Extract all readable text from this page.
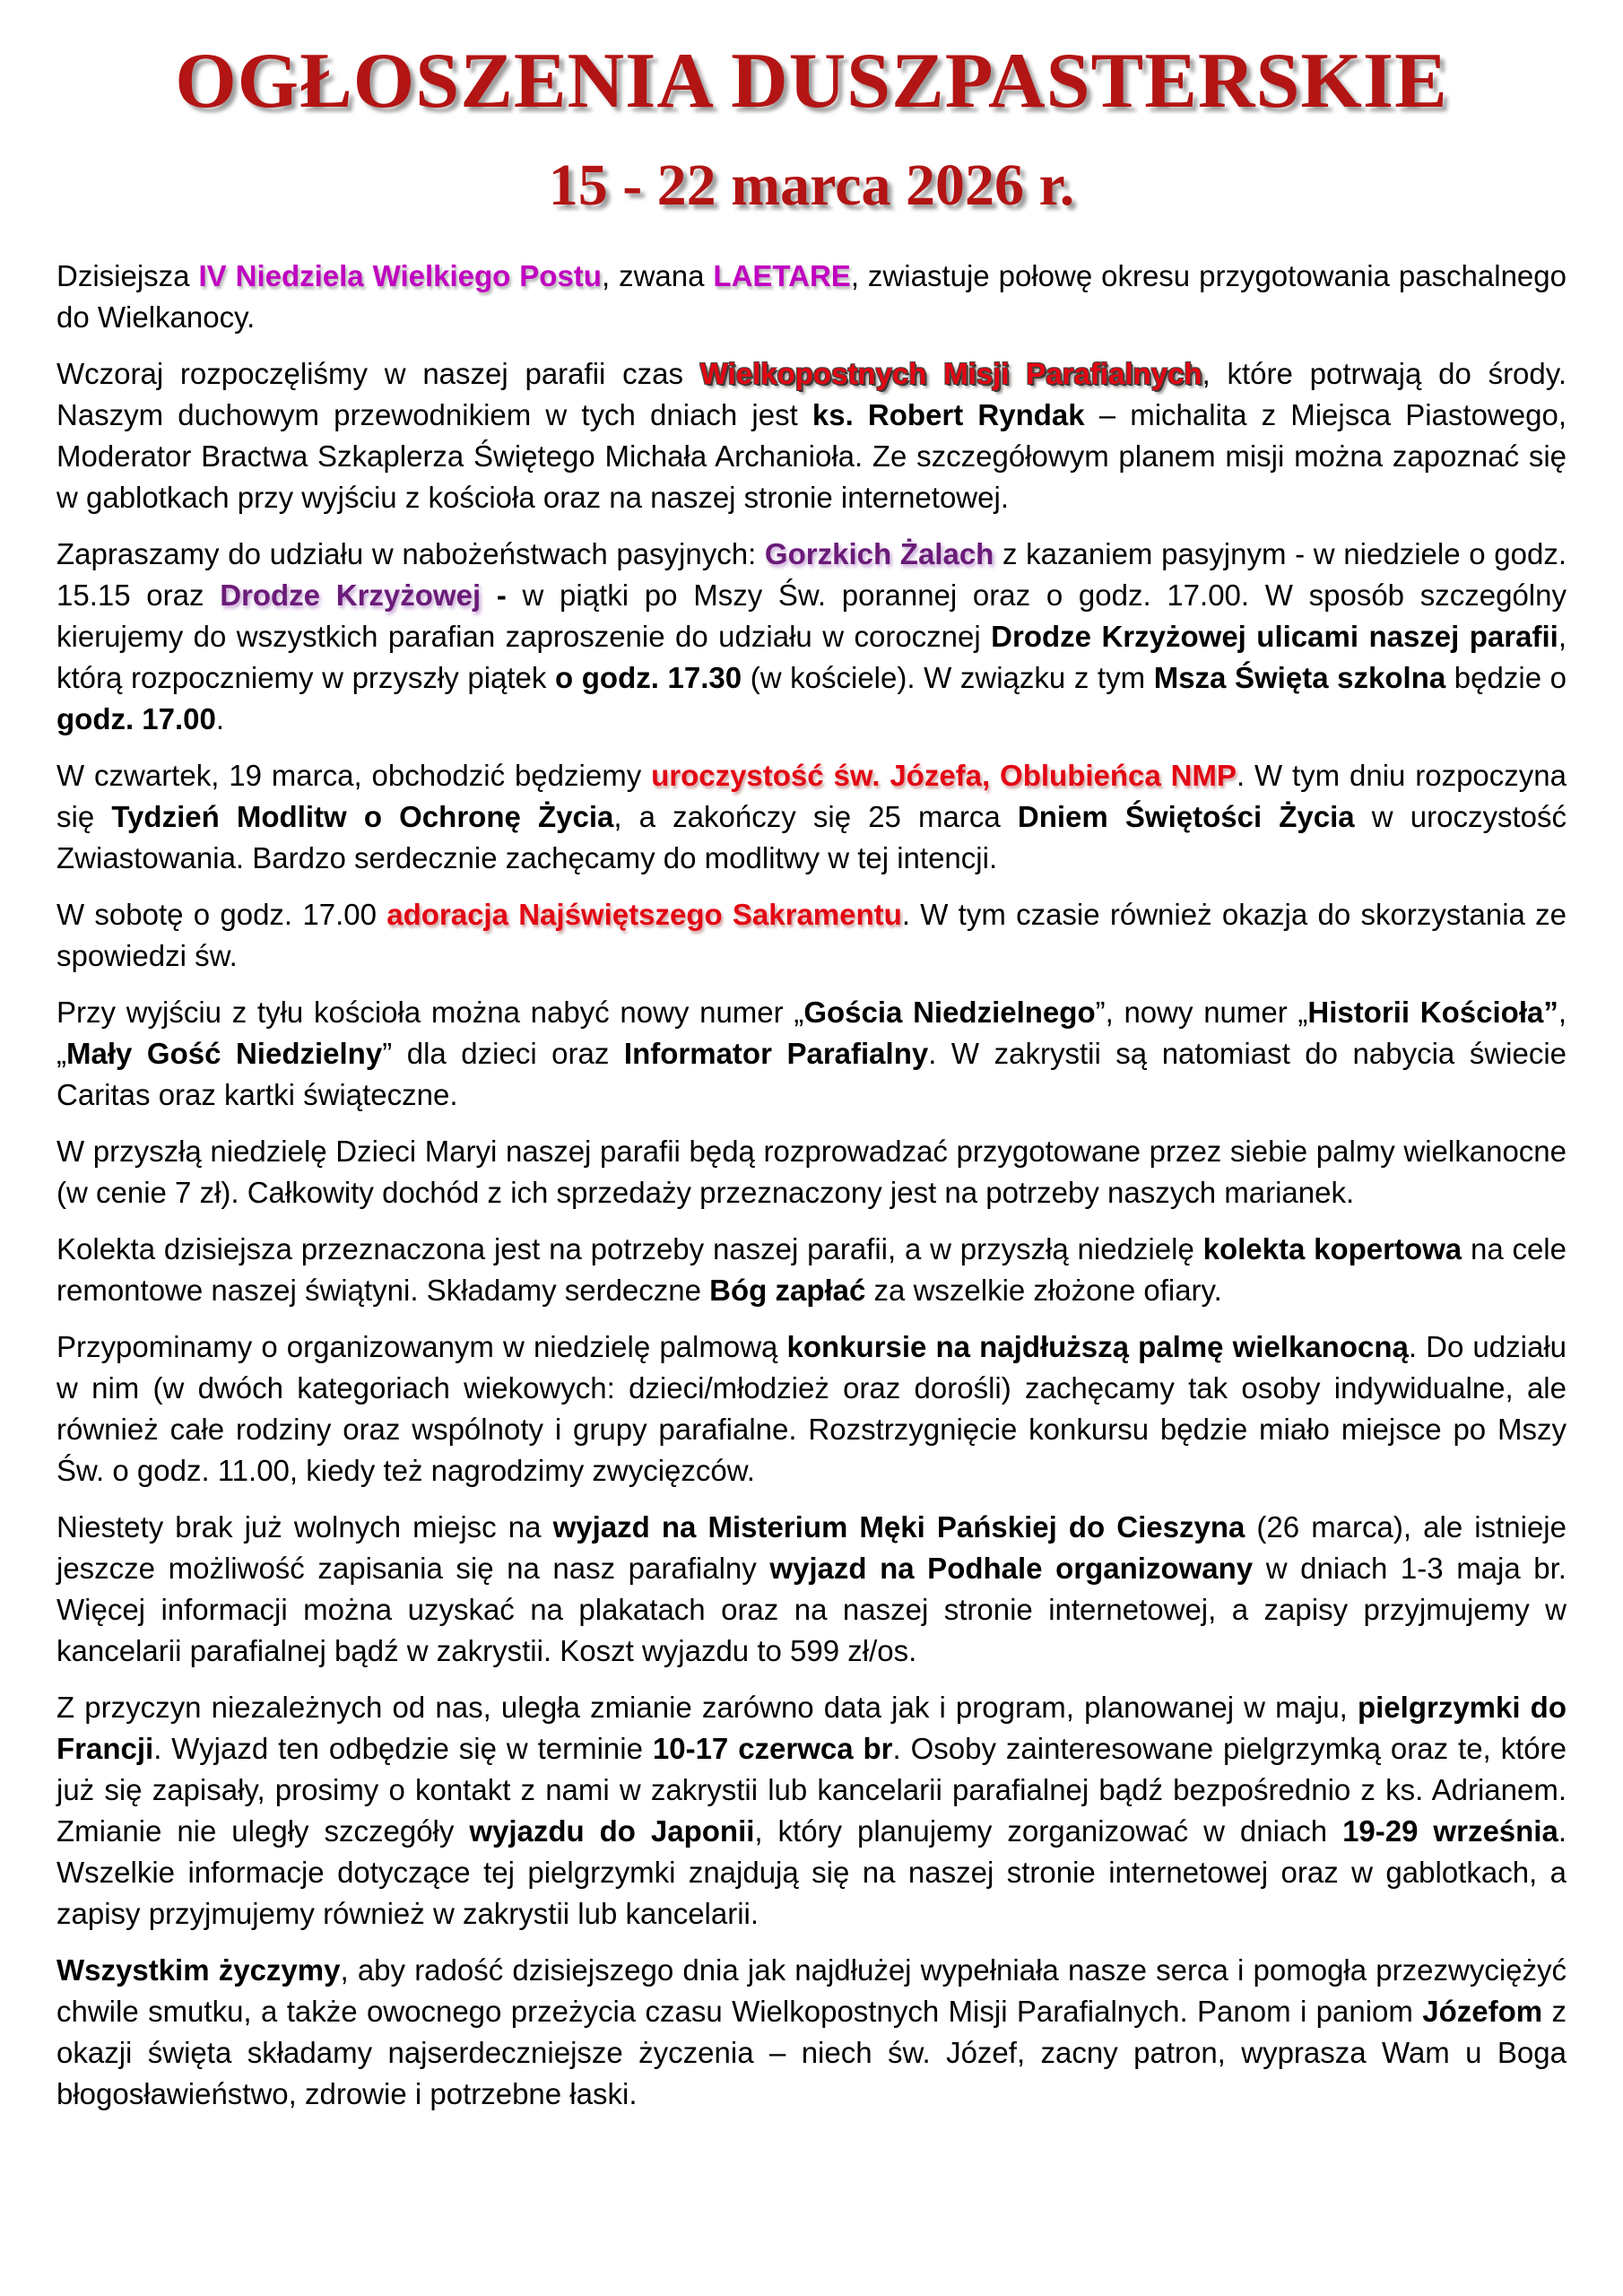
OGŁOSZENIA DUSZPASTERSKIE
15 - 22 marca 2026 r.

Dzisiejsza IV Niedziela Wielkiego Postu, zwana LAETARE, zwiastuje połowę okresu przygotowania paschalnego do Wielkanocy.

Wczoraj rozpoczęliśmy w naszej parafii czas Wielkopostnych Misji Parafialnych, które potrwają do środy. Naszym duchowym przewodnikiem w tych dniach jest ks. Robert Ryndak – michalita z Miejsca Piastowego, Moderator Bractwa Szkaplerza Świętego Michała Archanioła. Ze szczegółowym planem misji można zapoznać się w gablotkach przy wyjściu z kościoła oraz na naszej stronie internetowej.

Zapraszamy do udziału w nabożeństwach pasyjnych: Gorzkich Żalach z kazaniem pasyjnym - w niedziele o godz. 15.15 oraz Drodze Krzyżowej - w piątki po Mszy Św. porannej oraz o godz. 17.00. W sposób szczególny kierujemy do wszystkich parafian zaproszenie do udziału w corocznej Drodze Krzyżowej ulicami naszej parafii, którą rozpoczniemy w przyszły piątek o godz. 17.30 (w kościele). W związku z tym Msza Święta szkolna będzie o godz. 17.00.

W czwartek, 19 marca, obchodzić będziemy uroczystość św. Józefa, Oblubieńca NMP. W tym dniu rozpoczyna się Tydzień Modlitw o Ochronę Życia, a zakończy się 25 marca Dniem Świętości Życia w uroczystość Zwiastowania. Bardzo serdecznie zachęcamy do modlitwy w tej intencji.

W sobotę o godz. 17.00 adoracja Najświętszego Sakramentu. W tym czasie również okazja do skorzystania ze spowiedzi św.

Przy wyjściu z tyłu kościoła można nabyć nowy numer „Gościa Niedzielnego”, nowy numer „Historii Kościoła”, „Mały Gość Niedzielny” dla dzieci oraz Informator Parafialny. W zakrystii są natomiast do nabycia świecie Caritas oraz kartki świąteczne.

W przyszłą niedzielę Dzieci Maryi naszej parafii będą rozprowadzać przygotowane przez siebie palmy wielkanocne (w cenie 7 zł). Całkowity dochód z ich sprzedaży przeznaczony jest na potrzeby naszych marianek.

Kolekta dzisiejsza przeznaczona jest na potrzeby naszej parafii, a w przyszłą niedzielę kolekta kopertowa na cele remontowe naszej świątyni. Składamy serdeczne Bóg zapłać za wszelkie złożone ofiary.

Przypominamy o organizowanym w niedzielę palmową konkursie na najdłuższą palmę wielkanocną. Do udziału w nim (w dwóch kategoriach wiekowych: dzieci/młodzież oraz dorośli) zachęcamy tak osoby indywidualne, ale również całe rodziny oraz wspólnoty i grupy parafialne. Rozstrzygnięcie konkursu będzie miało miejsce po Mszy Św. o godz. 11.00, kiedy też nagrodzimy zwycięzców.

Niestety brak już wolnych miejsc na wyjazd na Misterium Męki Pańskiej do Cieszyna (26 marca), ale istnieje jeszcze możliwość zapisania się na nasz parafialny wyjazd na Podhale organizowany w dniach 1-3 maja br. Więcej informacji można uzyskać na plakatach oraz na naszej stronie internetowej, a zapisy przyjmujemy w kancelarii parafialnej bądź w zakrystii. Koszt wyjazdu to 599 zł/os.

Z przyczyn niezależnych od nas, uległa zmianie zarówno data jak i program, planowanej w maju, pielgrzymki do Francji. Wyjazd ten odbędzie się w terminie 10-17 czerwca br. Osoby zainteresowane pielgrzymką oraz te, które już się zapisały, prosimy o kontakt z nami w zakrystii lub kancelarii parafialnej bądź bezpośrednio z ks. Adrianem. Zmianie nie uległy szczegóły wyjazdu do Japonii, który planujemy zorganizować w dniach 19-29 września. Wszelkie informacje dotyczące tej pielgrzymki znajdują się na naszej stronie internetowej oraz w gablotkach, a zapisy przyjmujemy również w zakrystii lub kancelarii.

Wszystkim życzymy, aby radość dzisiejszego dnia jak najdłużej wypełniała nasze serca i pomogła przezwyciężyć chwile smutku, a także owocnego przeżycia czasu Wielkopostnych Misji Parafialnych. Panom i paniom Józefom z okazji święta składamy najserdeczniejsze życzenia – niech św. Józef, zacny patron, wyprasza Wam u Boga błogosławieństwo, zdrowie i potrzebne łaski.
